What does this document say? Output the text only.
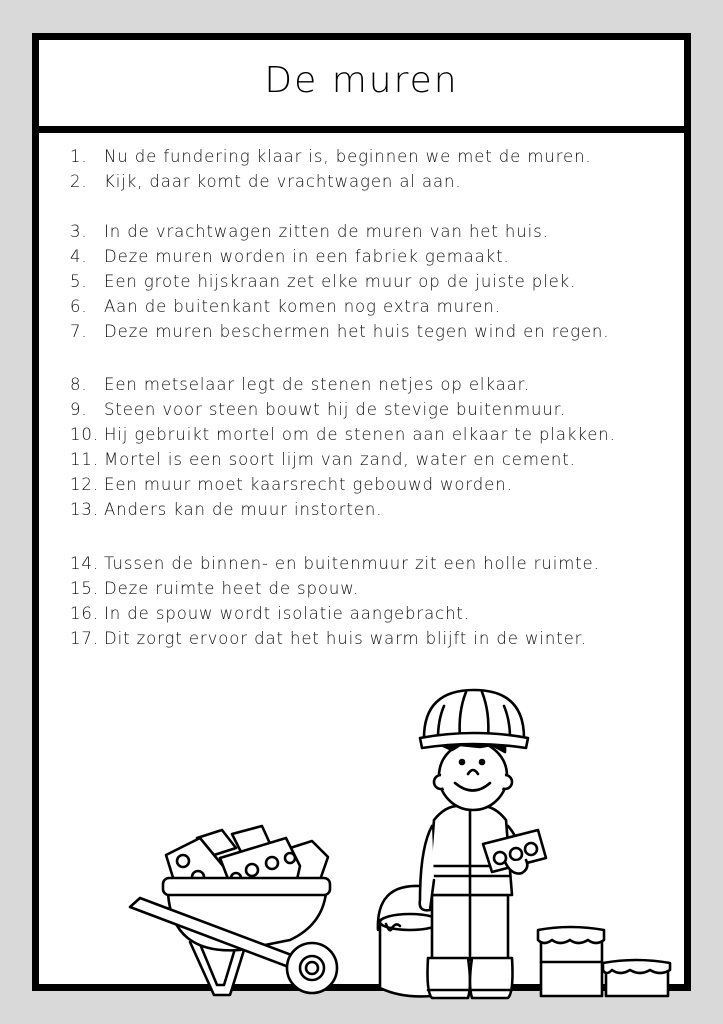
De muren
1. Nu de fundering klaar is, beginnen we met de muren.
2. Kijk, daar komt de vrachtwagen al aan.
3. In de vrachtwagen zitten de muren van het huis.
4. Deze muren worden in een fabriek gemaakt.
5. Een grote hijskraan zet elke muur op de juiste plek.
6. Aan de buitenkant komen nog extra muren.
7. Deze muren beschermen het huis tegen wind en regen.
8. Een metselaar legt de stenen netjes op elkaar.
9. Steen voor steen bouwt hij de stevige buitenmuur.
10. Hij gebruikt mortel om de stenen aan elkaar te plakken.
11. Mortel is een soort lijm van zand, water en cement.
12. Een muur moet kaarsrecht gebouwd worden.
13. Anders kan de muur instorten.
14. Tussen de binnen- en buitenmuur zit een holle ruimte.
15. Deze ruimte heet de spouw.
16. In de spouw wordt isolatie aangebracht.
17. Dit zorgt ervoor dat het huis warm blijft in de winter.
